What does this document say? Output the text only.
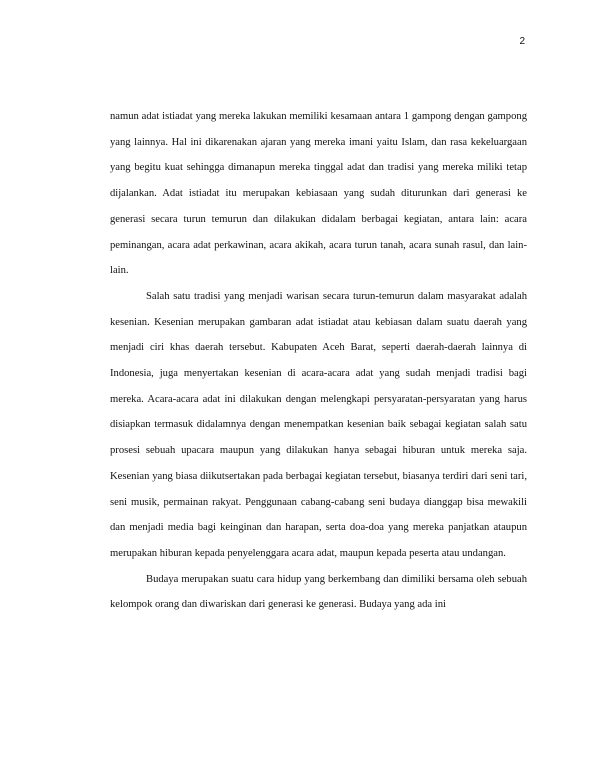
2

namun adat istiadat yang mereka lakukan memiliki kesamaan antara 1 gampong dengan gampong yang lainnya. Hal ini dikarenakan ajaran yang mereka imani yaitu Islam, dan rasa kekeluargaan yang begitu kuat sehingga dimanapun mereka tinggal adat dan tradisi yang mereka miliki tetap dijalankan. Adat istiadat itu merupakan kebiasaan yang sudah diturunkan dari generasi ke generasi secara turun temurun dan dilakukan didalam berbagai kegiatan, antara lain: acara peminangan, acara adat perkawinan, acara akikah, acara turun tanah, acara sunah rasul, dan lain-lain.

Salah satu tradisi yang menjadi warisan secara turun-temurun dalam masyarakat adalah kesenian. Kesenian merupakan gambaran adat istiadat atau kebiasan dalam suatu daerah yang menjadi ciri khas daerah tersebut. Kabupaten Aceh Barat, seperti daerah-daerah lainnya di Indonesia, juga menyertakan kesenian di acara-acara adat yang sudah menjadi tradisi bagi mereka. Acara-acara adat ini dilakukan dengan melengkapi persyaratan-persyaratan yang harus disiapkan termasuk didalamnya dengan menempatkan kesenian baik sebagai kegiatan salah satu prosesi sebuah upacara maupun yang dilakukan hanya sebagai hiburan untuk mereka saja. Kesenian yang biasa diikutsertakan pada berbagai kegiatan tersebut, biasanya terdiri dari seni tari, seni musik, permainan rakyat. Penggunaan cabang-cabang seni budaya dianggap bisa mewakili dan menjadi media bagi keinginan dan harapan, serta doa-doa yang mereka panjatkan ataupun merupakan hiburan kepada penyelenggara acara adat, maupun kepada peserta atau undangan.

Budaya merupakan suatu cara hidup yang berkembang dan dimiliki bersama oleh sebuah kelompok orang dan diwariskan dari generasi ke generasi. Budaya yang ada ini
